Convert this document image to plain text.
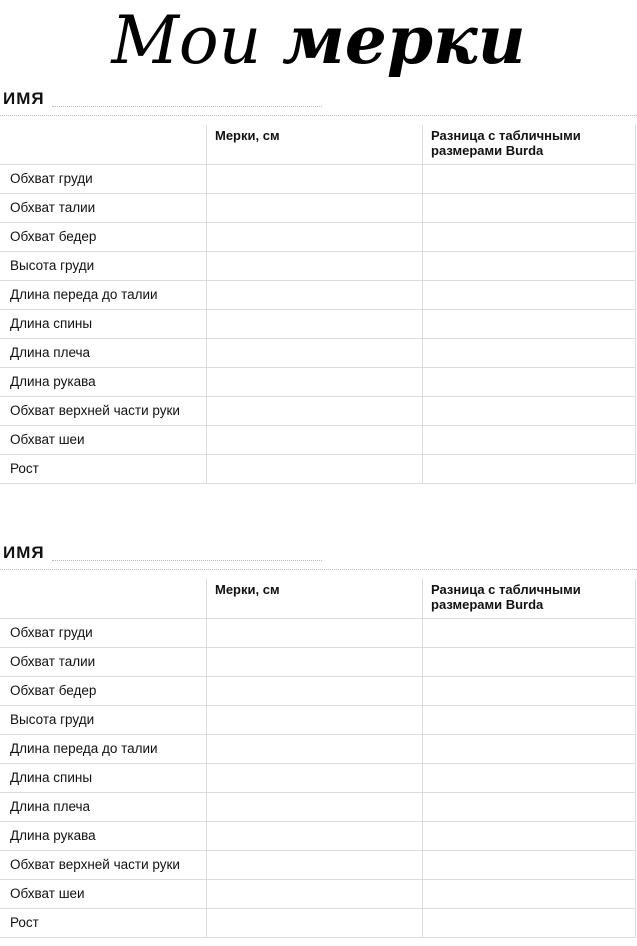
Мои мерки
ИМЯ
	Мерки, см	Разница с табличными размерами Burda
Обхват груди		
Обхват талии		
Обхват бедер		
Высота груди		
Длина переда до талии		
Длина спины		
Длина плеча		
Длина рукава		
Обхват верхней части руки		
Обхват шеи		
Рост		
ИМЯ
	Мерки, см	Разница с табличными размерами Burda
Обхват груди		
Обхват талии		
Обхват бедер		
Высота груди		
Длина переда до талии		
Длина спины		
Длина плеча		
Длина рукава		
Обхват верхней части руки		
Обхват шеи		
Рост		
